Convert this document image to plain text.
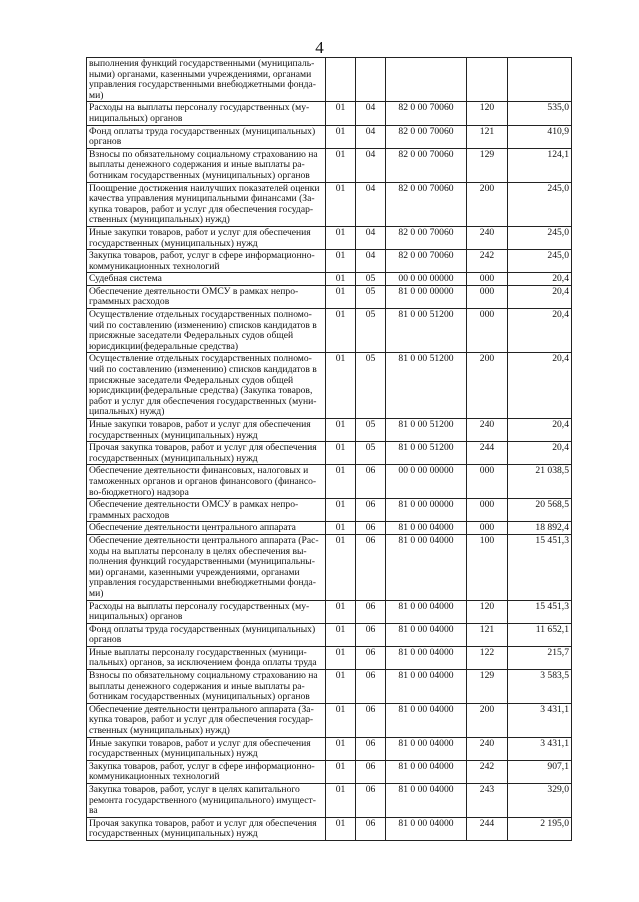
4
выполнения функций государственными (муниципаль-ными) органами, казенными учреждениями, органами управления государственными внебюджетными фонда-ми)					
Расходы на выплаты персоналу государственных (му-ниципальных) органов	01	04	82 0 00 70060	120	535,0
Фонд оплаты труда государственных (муниципальных) органов	01	04	82 0 00 70060	121	410,9
Взносы по обязательному социальному страхованию на выплаты денежного содержания и иные выплаты ра-ботникам государственных (муниципальных) органов	01	04	82 0 00 70060	129	124,1
Поощрение достижения наилучших показателей оценки качества управления муниципальными финансами (За-купка товаров, работ и услуг для обеспечения государ-ственных (муниципальных) нужд)	01	04	82 0 00 70060	200	245,0
Иные закупки товаров, работ и услуг для обеспечения государственных (муниципальных) нужд	01	04	82 0 00 70060	240	245,0
Закупка товаров, работ, услуг в сфере информационно-коммуникационных технологий	01	04	82 0 00 70060	242	245,0
Судебная система	01	05	00 0 00 00000	000	20,4
Обеспечение деятельности ОМСУ в рамках непро-граммных расходов	01	05	81 0 00 00000	000	20,4
Осуществление отдельных государственных полномо-чий по составлению (изменению) списков кандидатов в присяжные заседатели Федеральных судов общей юрисдикции(федеральные средства)	01	05	81 0 00 51200	000	20,4
Осуществление отдельных государственных полномо-чий по составлению (изменению) списков кандидатов в присяжные заседатели Федеральных судов общей юрисдикции(федеральные средства) (Закупка товаров, работ и услуг для обеспечения государственных (муни-ципальных) нужд)	01	05	81 0 00 51200	200	20,4
Иные закупки товаров, работ и услуг для обеспечения государственных (муниципальных) нужд	01	05	81 0 00 51200	240	20,4
Прочая закупка товаров, работ и услуг для обеспечения государственных (муниципальных) нужд	01	05	81 0 00 51200	244	20,4
Обеспечение деятельности финансовых, налоговых и таможенных органов и органов финансового (финансо-во-бюджетного) надзора	01	06	00 0 00 00000	000	21 038,5
Обеспечение деятельности ОМСУ в рамках непро-граммных расходов	01	06	81 0 00 00000	000	20 568,5
Обеспечение деятельности центрального аппарата	01	06	81 0 00 04000	000	18 892,4
Обеспечение деятельности центрального аппарата (Рас-ходы на выплаты персоналу в целях обеспечения вы-полнения функций государственными (муниципальны-ми) органами, казенными учреждениями, органами управления государственными внебюджетными фонда-ми)	01	06	81 0 00 04000	100	15 451,3
Расходы на выплаты персоналу государственных (му-ниципальных) органов	01	06	81 0 00 04000	120	15 451,3
Фонд оплаты труда государственных (муниципальных) органов	01	06	81 0 00 04000	121	11 652,1
Иные выплаты персоналу государственных (муници-пальных) органов, за исключением фонда оплаты труда	01	06	81 0 00 04000	122	215,7
Взносы по обязательному социальному страхованию на выплаты денежного содержания и иные выплаты ра-ботникам государственных (муниципальных) органов	01	06	81 0 00 04000	129	3 583,5
Обеспечение деятельности центрального аппарата (За-купка товаров, работ и услуг для обеспечения государ-ственных (муниципальных) нужд)	01	06	81 0 00 04000	200	3 431,1
Иные закупки товаров, работ и услуг для обеспечения государственных (муниципальных) нужд	01	06	81 0 00 04000	240	3 431,1
Закупка товаров, работ, услуг в сфере информационно-коммуникационных технологий	01	06	81 0 00 04000	242	907,1
Закупка товаров, работ, услуг в целях капитального ремонта государственного (муниципального) имущест-ва	01	06	81 0 00 04000	243	329,0
Прочая закупка товаров, работ и услуг для обеспечения государственных (муниципальных) нужд	01	06	81 0 00 04000	244	2 195,0
